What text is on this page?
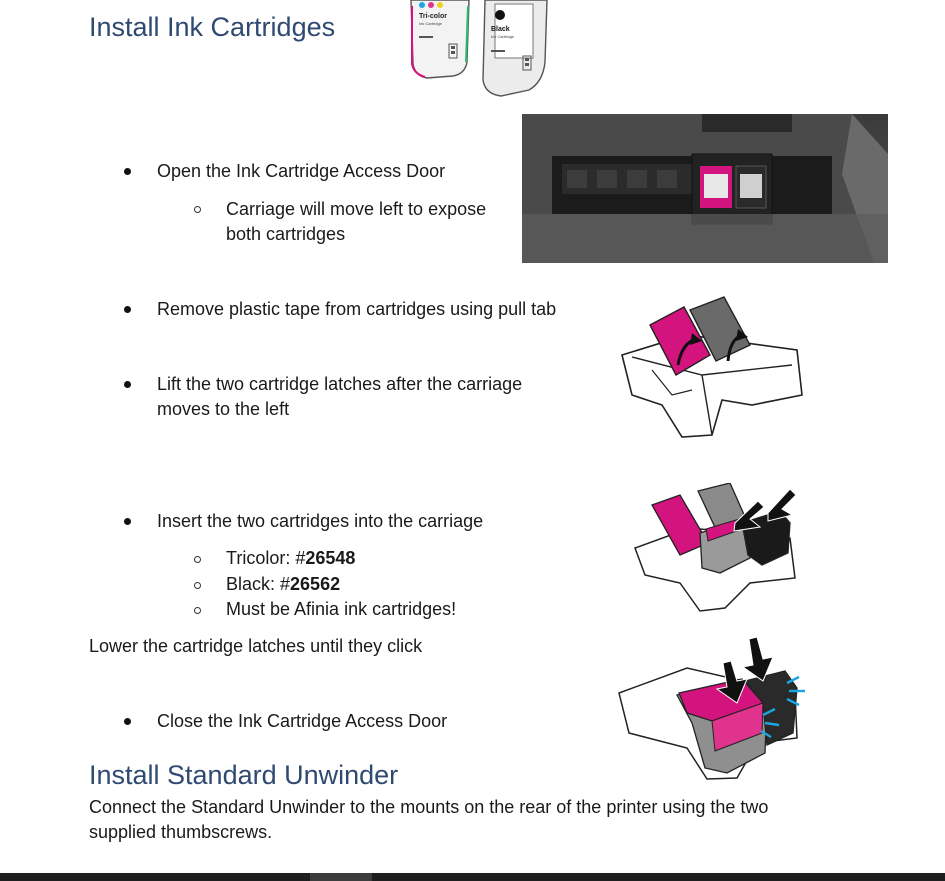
Install Ink Cartridges	Tri-color
Ink Cartridge
Black
Ink Cartridge
Open the Ink Cartridge Access Door
Carriage will move left to expose
both cartridges
Remove plastic tape from cartridges using pull tab
Lift the two cartridge latches after the carriage
moves to the left
Insert the two cartridges into the carriage
Tricolor: #26548
Black: #26562
Must be Afinia ink cartridges!
Lower the cartridge latches until they click
Close the Ink Cartridge Access Door
Install Standard Unwinder
Connect the Standard Unwinder to the mounts on the rear of the printer using the two
supplied thumbscrews.
